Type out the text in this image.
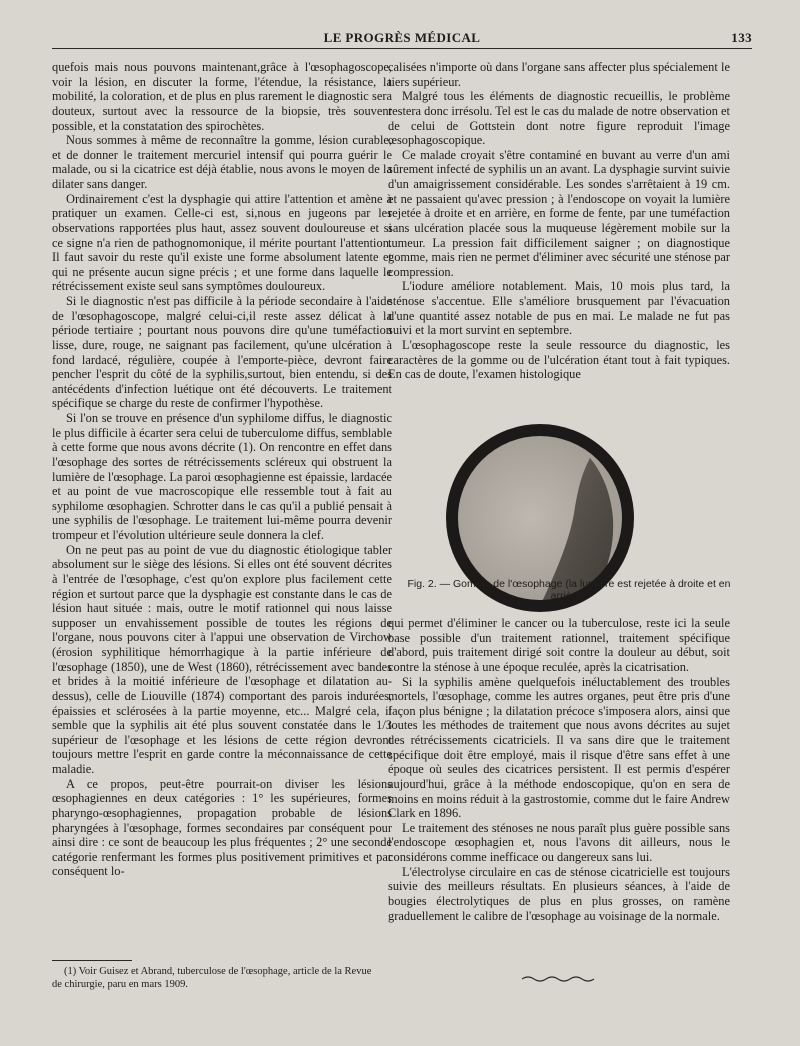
LE PROGRÈS MÉDICAL	133

quefois mais nous pouvons maintenant,grâce à l'œsophagoscope, voir la lésion, en discuter la forme, l'étendue, la résistance, la mobilité, la coloration, et de plus en plus rarement le diagnostic sera douteux, surtout avec la ressource de la biopsie, très souvent possible, et la constatation des spirochètes.

Nous sommes à même de reconnaître la gomme, lésion curable, et de donner le traitement mercuriel intensif qui pourra guérir le malade, ou si la cicatrice est déjà établie, nous avons le moyen de la dilater sans danger.

Ordinairement c'est la dysphagie qui attire l'attention et amène à pratiquer un examen. Celle-ci est, si,nous en jugeons par les observations rapportées plus haut, assez souvent douloureuse et si ce signe n'a rien de pathognomonique, il mérite pourtant l'attention. Il faut savoir du reste qu'il existe une forme absolument latente et qui ne présente aucun signe précis ; et une forme dans laquelle le rétrécissement existe seul sans symptômes douloureux.

Si le diagnostic n'est pas difficile à la période secondaire à l'aide de l'œsophagoscope, malgré celui-ci,il reste assez délicat à la période tertiaire ; pourtant nous pouvons dire qu'une tuméfaction lisse, dure, rouge, ne saignant pas facilement, qu'une ulcération à fond lardacé, régulière, coupée à l'emporte-pièce, devront faire pencher l'esprit du côté de la syphilis,surtout, bien entendu, si des antécédents d'infection luétique ont été découverts. Le traitement spécifique se charge du reste de confirmer l'hypothèse.

Si l'on se trouve en présence d'un syphilome diffus, le diagnostic le plus difficile à écarter sera celui de tuberculome diffus, semblable à cette forme que nous avons décrite (1). On rencontre en effet dans l'œsophage des sortes de rétrécissements scléreux qui obstruent la lumière de l'œsophage. La paroi œsophagienne est épaissie, lardacée et au point de vue macroscopique elle ressemble tout à fait au syphilome œsophagien. Schrotter dans le cas qu'il a publié pensait à une syphilis de l'œsophage. Le traitement lui-même pourra devenir trompeur et l'évolution ultérieure seule donnera la clef.

On ne peut pas au point de vue du diagnostic étiologique tabler absolument sur le siège des lésions. Si elles ont été souvent décrites à l'entrée de l'œsophage, c'est qu'on explore plus facilement cette région et surtout parce que la dysphagie est constante dans le cas de lésion haut située : mais, outre le motif rationnel qui nous laisse supposer un envahissement possible de toutes les régions de l'organe, nous pouvons citer à l'appui une observation de Virchow (érosion syphilitique hémorrhagique à la partie inférieure de l'œsophage (1850), une de West (1860), rétrécissement avec bandes et brides à la moitié inférieure de l'œsophage et dilatation au-dessus), celle de Liouville (1874) comportant des parois indurées, épaissies et sclérosées à la partie moyenne, etc... Malgré cela, il semble que la syphilis ait été plus souvent constatée dans le 1/3 supérieur de l'œsophage et les lésions de cette région devront toujours mettre l'esprit en garde contre la méconnaissance de cette maladie.

A ce propos, peut-être pourrait-on diviser les lésions œsophagiennes en deux catégories : 1° les supérieures, formes pharyngo-œsophagiennes, propagation probable de lésions pharyngées à l'œsophage, formes secondaires par conséquent pour ainsi dire : ce sont de beaucoup les plus fréquentes ; 2° une seconde catégorie renfermant les formes plus positivement primitives et par conséquent lo-

calisées n'importe où dans l'organe sans affecter plus spécialement le tiers supérieur.

Malgré tous les éléments de diagnostic recueillis, le problème restera donc irrésolu. Tel est le cas du malade de notre observation et de celui de Gottstein dont notre figure reproduit l'image œsophagoscopique.

Ce malade croyait s'être contaminé en buvant au verre d'un ami sûrement infecté de syphilis un an avant. La dysphagie survint suivie d'un amaigrissement considérable. Les sondes s'arrêtaient à 19 cm. et ne passaient qu'avec pression ; à l'endoscope on voyait la lumière rejetée à droite et en arrière, en forme de fente, par une tuméfaction sans ulcération placée sous la muqueuse légèrement mobile sur la tumeur. La pression fait difficilement saigner ; on diagnostique gomme, mais rien ne permet d'éliminer avec sécurité une sténose par compression.

L'iodure améliore notablement. Mais, 10 mois plus tard, la sténose s'accentue. Elle s'améliore brusquement par l'évacuation d'une quantité assez notable de pus en mai. Le malade ne fut pas suivi et la mort survint en septembre.

L'œsophagoscope reste la seule ressource du diagnostic, les caractères de la gomme ou de l'ulcération étant tout à fait typiques. En cas de doute, l'examen histologique

Fig. 2. — Gomme de l'œsophage (la lumière est rejetée à droite et en arrière).

qui permet d'éliminer le cancer ou la tuberculose, reste ici la seule base possible d'un traitement rationnel, traitement spécifique d'abord, puis traitement dirigé soit contre la douleur au début, soit contre la sténose à une époque reculée, après la cicatrisation.

Si la syphilis amène quelquefois inéluctablement des troubles mortels, l'œsophage, comme les autres organes, peut être pris d'une façon plus bénigne ; la dilatation précoce s'imposera alors, ainsi que toutes les méthodes de traitement que nous avons décrites au sujet des rétrécissements cicatriciels. Il va sans dire que le traitement spécifique doit être employé, mais il risque d'être sans effet à une époque où seules des cicatrices persistent. Il est permis d'espérer aujourd'hui, grâce à la méthode endoscopique, qu'on en sera de moins en moins réduit à la gastrostomie, comme dut le faire Andrew Clark en 1896.

Le traitement des sténoses ne nous paraît plus guère possible sans l'endoscope œsophagien et, nous l'avons dit ailleurs, nous le considérons comme inefficace ou dangereux sans lui.

L'électrolyse circulaire en cas de sténose cicatricielle est toujours suivie des meilleurs résultats. En plusieurs séances, à l'aide de bougies électrolytiques de plus en plus grosses, on ramène graduellement le calibre de l'œsophage au voisinage de la normale.

(1) Voir Guisez et Abrand, tuberculose de l'œsophage, article de la Revue de chirurgie, paru en mars 1909.
